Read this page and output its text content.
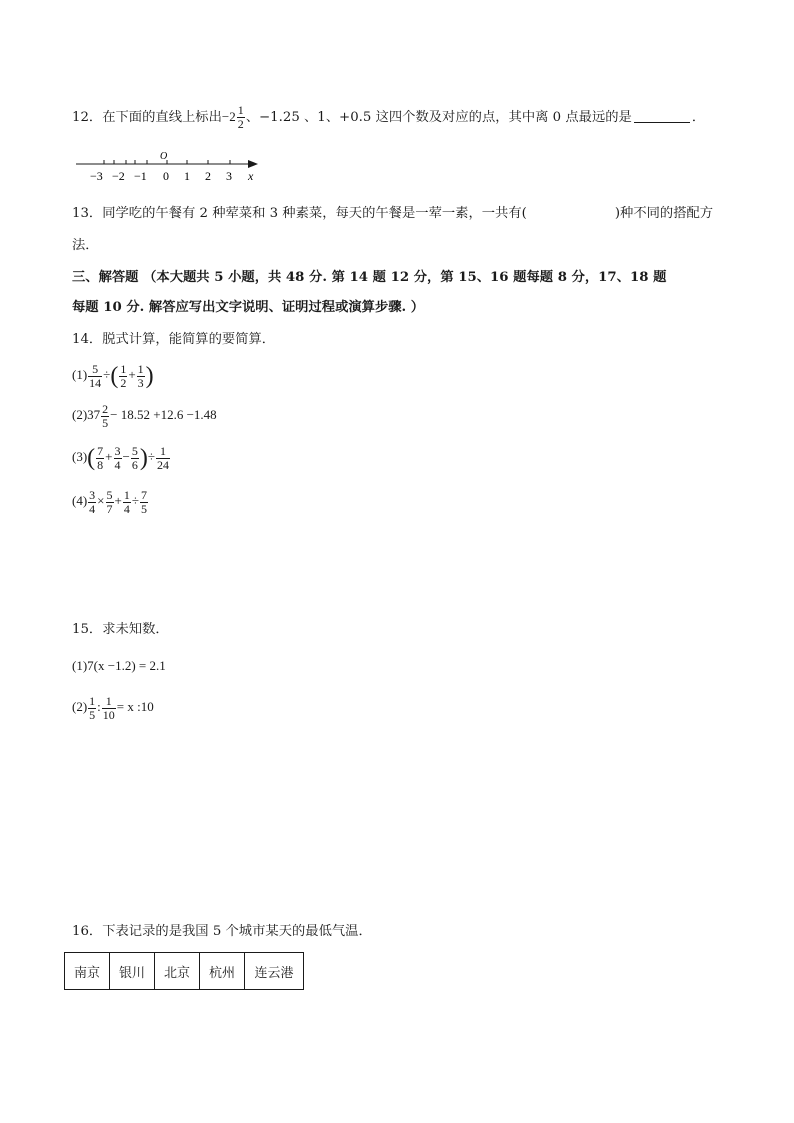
12．在下面的直线上标出$-2 \frac{1}{2}$ 、−1.25 、1、+0.5 这四个数及对应的点，其中离 0 点最远的是	．
O
−3 −2 −1 0 1 2 3 x
13．同学吃的午餐有 2 种荤菜和 3 种素菜，每天的午餐是一荤一素，一共有(	)种不同的搭配方
法．
三、解答题 （本大题共 5 小题，共 48 分. 第 14 题 12 分，第 15、16 题每题 8 分，17、18 题
每题 10 分. 解答应写出文字说明、证明过程或演算步骤. ）
14．脱式计算，能简算的要简算．
$(1) \frac{5}{14}$ ÷( $\frac{1}{2} + \frac{1}{3}$ )
$(2)37 \frac{2}{5} - 18.52 +12.6 -1.48$
$(3)( \frac{7}{8} + \frac{3}{4} - \frac{5}{6}$ )÷ $\frac{1}{24}$
$(4) \frac{3}{4} \times \frac{5}{7} + \frac{1}{4} \div \frac{7}{5}$
15．求未知数．
(1)7(x −1.2) = 2.1
$(2) \frac{1}{5}$ : $\frac{1}{10} = x$ :10
16．下表记录的是我国 5 个城市某天的最低气温．
南京	银川	北京	杭州	连云港
